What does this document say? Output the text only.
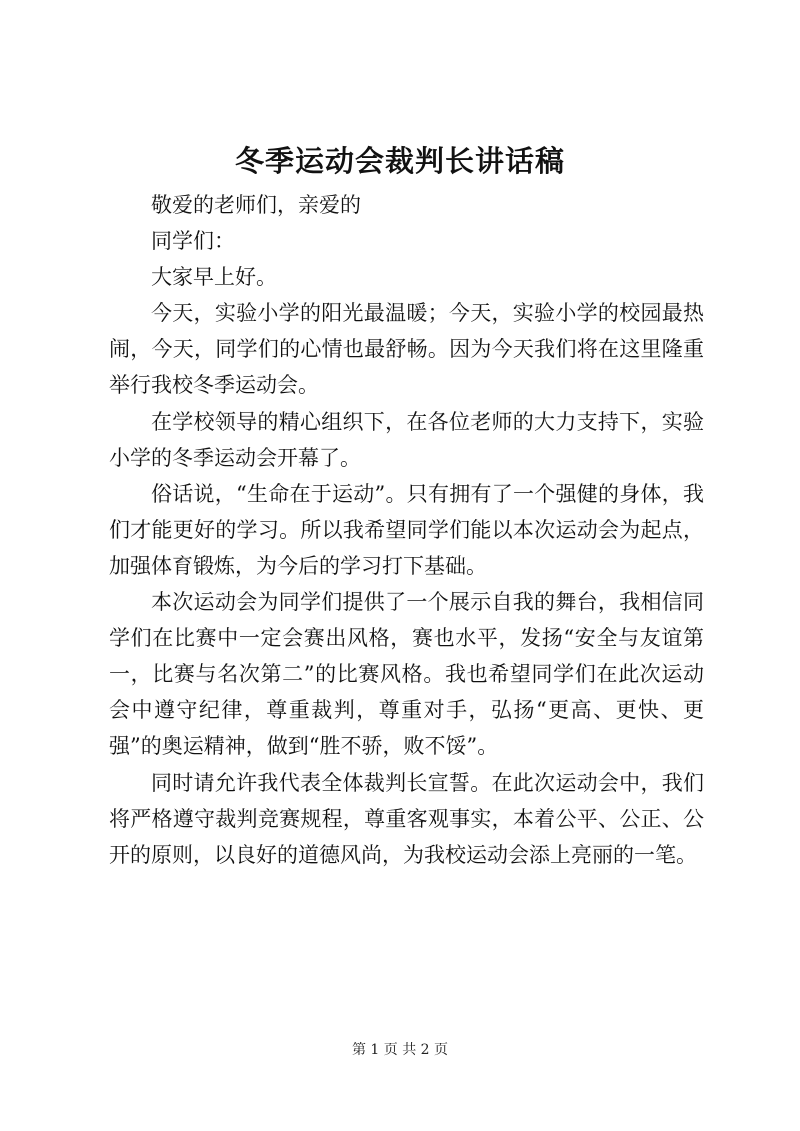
冬季运动会裁判长讲话稿

敬爱的老师们，亲爱的

同学们：

大家早上好。

今天，实验小学的阳光最温暖；今天，实验小学的校园最热闹，今天，同学们的心情也最舒畅。因为今天我们将在这里隆重举行我校冬季运动会。

在学校领导的精心组织下，在各位老师的大力支持下，实验小学的冬季运动会开幕了。

俗话说，“生命在于运动”。只有拥有了一个强健的身体，我们才能更好的学习。所以我希望同学们能以本次运动会为起点，加强体育锻炼，为今后的学习打下基础。

本次运动会为同学们提供了一个展示自我的舞台，我相信同学们在比赛中一定会赛出风格，赛也水平，发扬“安全与友谊第一，比赛与名次第二”的比赛风格。我也希望同学们在此次运动会中遵守纪律，尊重裁判，尊重对手，弘扬“更高、更快、更强”的奥运精神，做到“胜不骄，败不馁”。

同时请允许我代表全体裁判长宣誓。在此次运动会中，我们将严格遵守裁判竞赛规程，尊重客观事实，本着公平、公正、公开的原则，以良好的道德风尚，为我校运动会添上亮丽的一笔。

第 1 页 共 2 页
